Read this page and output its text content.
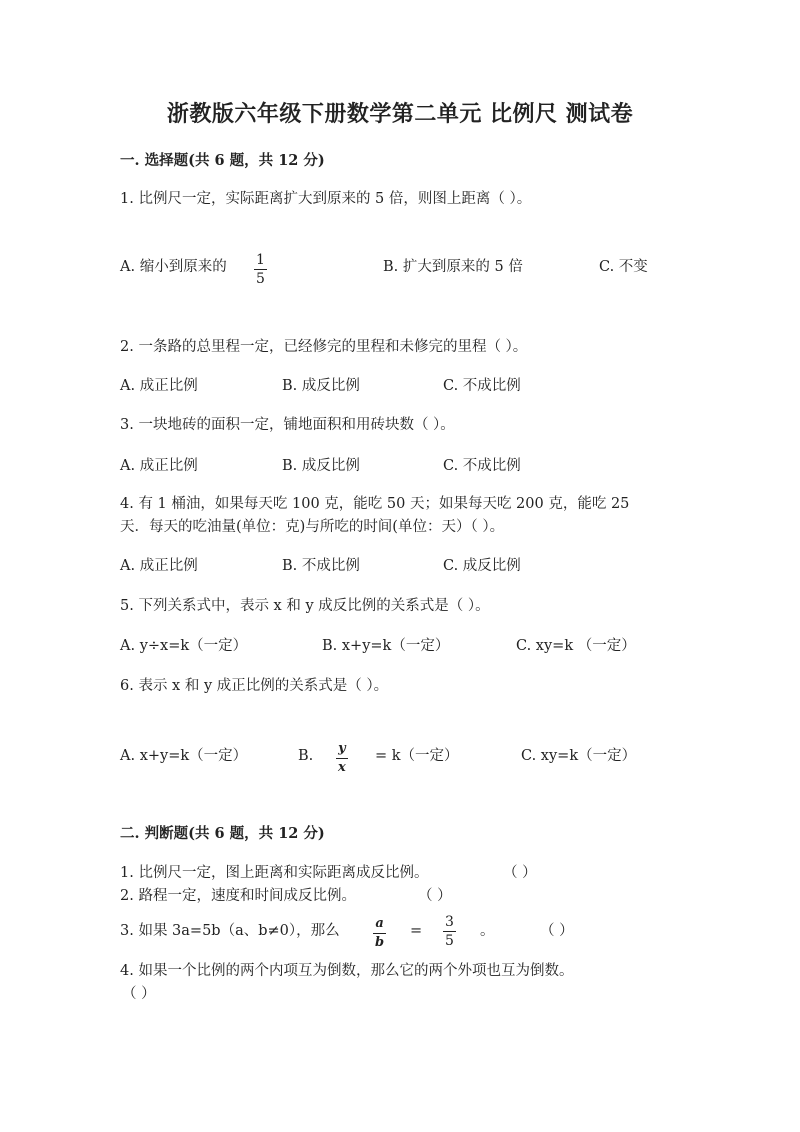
浙教版六年级下册数学第二单元 比例尺 测试卷
一. 选择题(共 6 题，共 12 分)
1. 比例尺一定，实际距离扩大到原来的 5 倍，则图上距离（ ）。
A. 缩小到原来的 1
5
B. 扩大到原来的 5 倍	C. 不变
2. 一条路的总里程一定，已经修完的里程和未修完的里程（ ）。
A. 成正比例	B. 成反比例	C. 不成比例
3. 一块地砖的面积一定，铺地面积和用砖块数（ ）。
A. 成正比例	B. 成反比例	C. 不成比例
4. 有 1 桶油，如果每天吃 100 克，能吃 50 天；如果每天吃 200 克，能吃 25
天．每天的吃油量(单位：克)与所吃的时间(单位：天）（ ）。
A. 成正比例	B. 不成比例	C. 成反比例
5. 下列关系式中，表示 x 和 y 成反比例的关系式是（ ）。
A. y÷x=k（一定）	B. x+y=k（一定）	C. xy=k （一定）
6. 表示 x 和 y 成正比例的关系式是（ ）。
A. x+y=k（一定）	B. y
x
= k（一定）	C. xy=k（一定）
二. 判断题(共 6 题，共 12 分)
1. 比例尺一定，图上距离和实际距离成反比例。	（ ）
2. 路程一定，速度和时间成反比例。	（ ）
3. 如果 3a=5b（a、b≠0），那么	a
b
=
3
5
。	（ ）
4. 如果一个比例的两个内项互为倒数，那么它的两个外项也互为倒数。
（ ）
